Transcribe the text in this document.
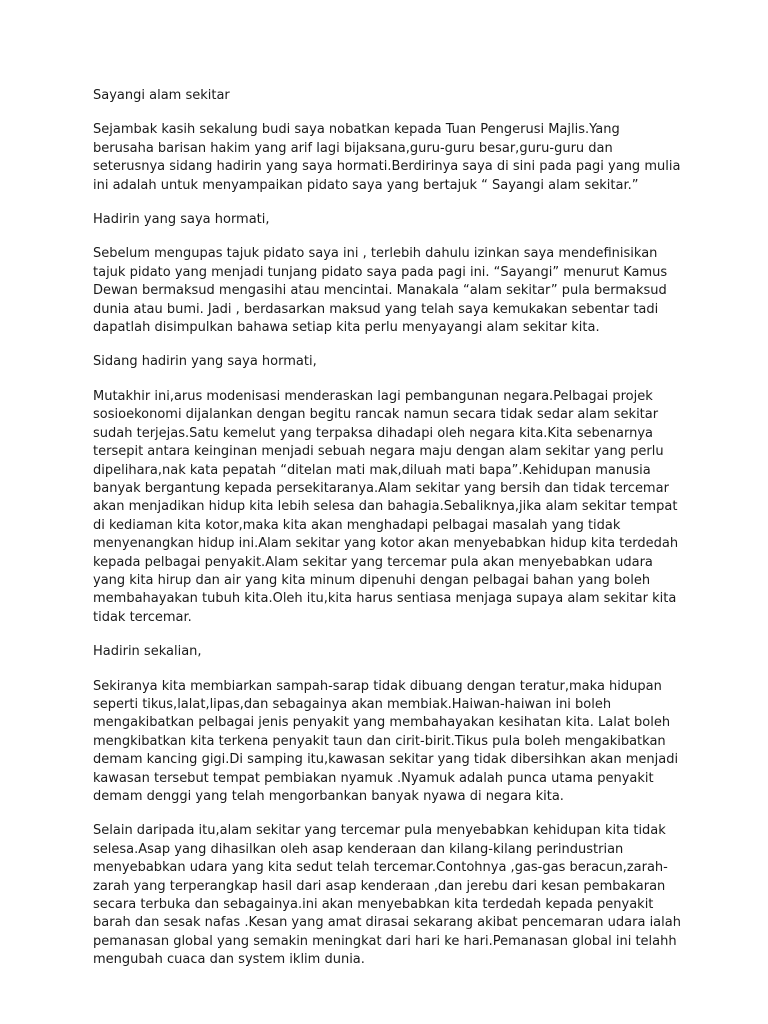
Sayangi alam sekitar

Sejambak kasih sekalung budi saya nobatkan kepada Tuan Pengerusi Majlis.Yang berusaha barisan hakim yang arif lagi bijaksana,guru-guru besar,guru-guru dan seterusnya sidang hadirin yang saya hormati.Berdirinya saya di sini pada pagi yang mulia ini adalah untuk menyampaikan pidato saya yang bertajuk “ Sayangi alam sekitar.”

Hadirin yang saya hormati,

Sebelum mengupas tajuk pidato saya ini , terlebih dahulu izinkan saya mendefinisikan tajuk pidato yang menjadi tunjang pidato saya pada pagi ini. “Sayangi” menurut Kamus Dewan bermaksud mengasihi atau mencintai. Manakala “alam sekitar” pula bermaksud dunia atau bumi. Jadi , berdasarkan maksud yang telah saya kemukakan sebentar tadi dapatlah disimpulkan bahawa setiap kita perlu menyayangi alam sekitar kita.

Sidang hadirin yang saya hormati,

Mutakhir ini,arus modenisasi menderaskan lagi pembangunan negara.Pelbagai projek sosioekonomi dijalankan dengan begitu rancak namun secara tidak sedar alam sekitar sudah terjejas.Satu kemelut yang terpaksa dihadapi oleh negara kita.Kita sebenarnya tersepit antara keinginan menjadi sebuah negara maju dengan alam sekitar yang perlu dipelihara,nak kata pepatah “ditelan mati mak,diluah mati bapa”.Kehidupan manusia banyak bergantung kepada persekitaranya.Alam sekitar yang bersih dan tidak tercemar akan menjadikan hidup kita lebih selesa dan bahagia.Sebaliknya,jika alam sekitar tempat di kediaman kita kotor,maka kita akan menghadapi pelbagai masalah yang tidak menyenangkan hidup ini.Alam sekitar yang kotor akan menyebabkan hidup kita terdedah kepada pelbagai penyakit.Alam sekitar yang tercemar pula akan menyebabkan udara yang kita hirup dan air yang kita minum dipenuhi dengan pelbagai bahan yang boleh membahayakan tubuh kita.Oleh itu,kita harus sentiasa menjaga supaya alam sekitar kita tidak tercemar.

Hadirin sekalian,

Sekiranya kita membiarkan sampah-sarap tidak dibuang dengan teratur,maka hidupan seperti tikus,lalat,lipas,dan sebagainya akan membiak.Haiwan-haiwan ini boleh mengakibatkan pelbagai jenis penyakit yang membahayakan kesihatan kita. Lalat boleh mengkibatkan kita terkena penyakit taun dan cirit-birit.Tikus pula boleh mengakibatkan demam kancing gigi.Di samping itu,kawasan sekitar yang tidak dibersihkan akan menjadi kawasan tersebut tempat pembiakan nyamuk .Nyamuk adalah punca utama penyakit demam denggi yang telah mengorbankan banyak nyawa di negara kita.

Selain daripada itu,alam sekitar yang tercemar pula menyebabkan kehidupan kita tidak selesa.Asap yang dihasilkan oleh asap kenderaan dan kilang-kilang perindustrian menyebabkan udara yang kita sedut telah tercemar.Contohnya ,gas-gas beracun,zarah-zarah yang terperangkap hasil dari asap kenderaan ,dan jerebu dari kesan pembakaran secara terbuka dan sebagainya.ini akan menyebabkan kita terdedah kepada penyakit barah dan sesak nafas .Kesan yang amat dirasai sekarang akibat pencemaran udara ialah pemanasan global yang semakin meningkat dari hari ke hari.Pemanasan global ini telahh mengubah cuaca dan system iklim dunia.
